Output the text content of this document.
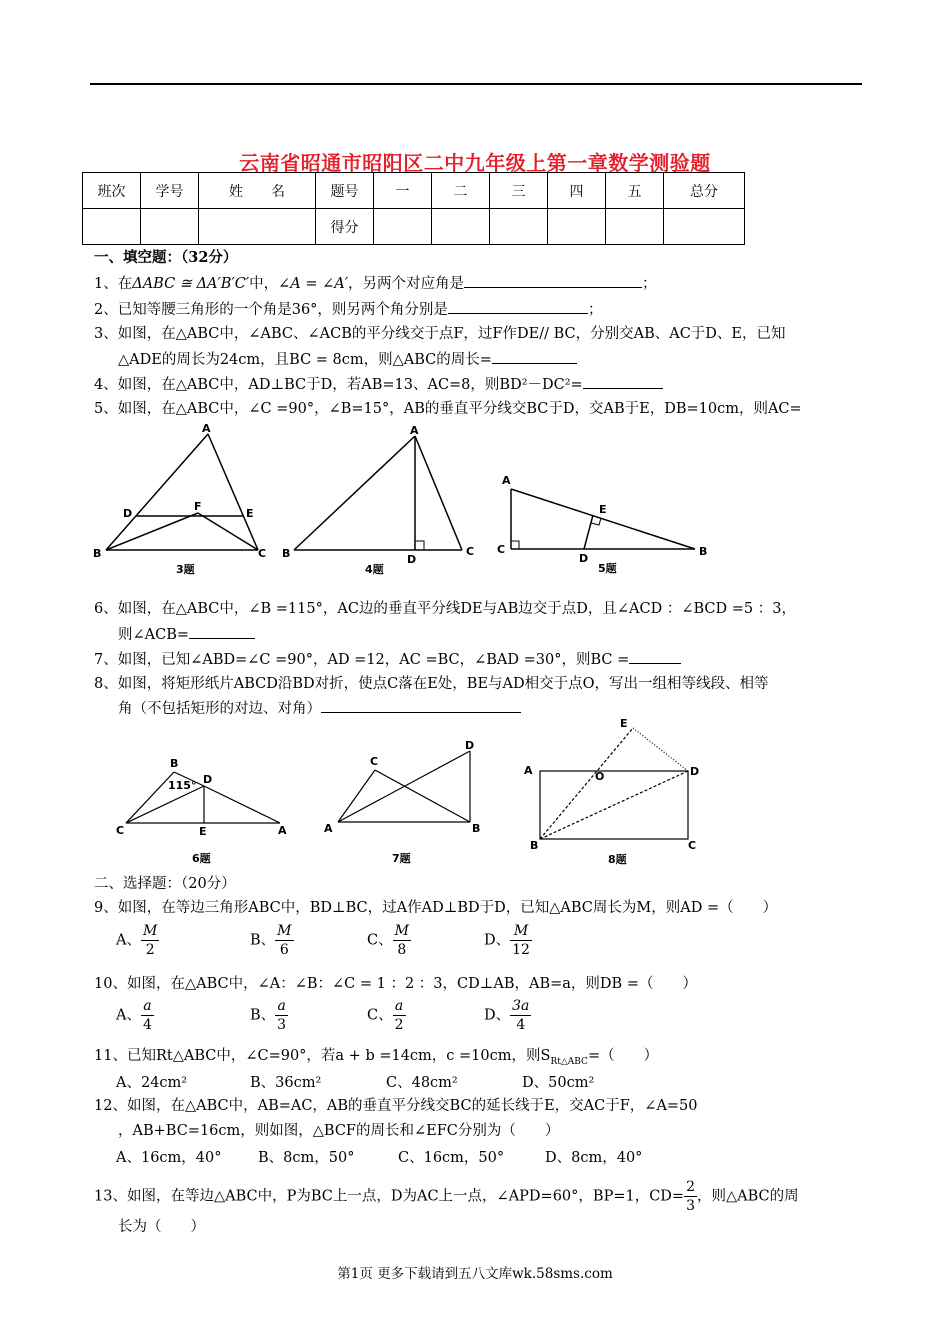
云南省昭通市昭阳区二中九年级上第一章数学测验题
班次	学号	姓　　名	题号	一	二	三	四	五	总分
			得分						
一、填空题：（32分）
1、在ΔABC ≅ ΔA′B′C′中，∠A = ∠A′，另两个对应角是	；
2、已知等腰三角形的一个角是36°，则另两个角分别是	；
3、如图，在△ABC中，∠ABC、∠ACB的平分线交于点F，过F作DE// BC，分别交AB、AC于D、E，已知
△ADE的周长为24cm，且BC = 8cm，则△ABC的周长=
4、如图，在△ABC中，AD⊥BC于D，若AB=13、AC=8，则BD²－DC²=
5、如图，在△ABC中，∠C =90°，∠B=15°，AB的垂直平分线交BC于D，交AB于E，DB=10cm，则AC=
A
B	C
D	E
F
3题
A
B	C
D
4题
A
C	B
D
E
5题
6、如图，在△ABC中，∠B =115°，AC边的垂直平分线DE与AB边交于点D，且∠ACD ：∠BCD =5 ：3，
则∠ACB=
7、如图，已知∠ABD=∠C =90°，AD =12，AC =BC，∠BAD =30°，则BC =
8、如图，将矩形纸片ABCD沿BD对折，使点C落在E处，BE与AD相交于点O，写出一组相等线段、相等
角（不包括矩形的对边、对角）
B
D
C	E	A
115°
6题
C
D
A	B
7题
E
A	D
O
B	C
8题
二、选择题：（20分）
9、如图，在等边三角形ABC中，BD⊥BC，过A作AD⊥BD于D，已知△ABC周长为M，则AD =（　　）
A、 $\frac{M}{2}$	B、 $\frac{M}{6}$	C、 $\frac{M}{8}$	D、 $\frac{M}{12}$
10、如图，在△ABC中，∠A：∠B：∠C = 1 ：2 ：3，CD⊥AB，AB=a，则DB =（　　）
A、 $\frac{a}{4}$	B、 $\frac{a}{3}$	C、 $\frac{a}{2}$	D、 $\frac{3a}{4}$
11、已知Rt△ABC中，∠C=90°，若a + b =14cm，c =10cm，则$S_{Rt\triangle ABC}=$（　　）
A、24cm²	B、36cm²	C、48cm²	D、50cm²
12、如图，在△ABC中，AB=AC，AB的垂直平分线交BC的延长线于E，交AC于F，∠A=50
，AB+BC=16cm，则如图，△BCF的周长和∠EFC分别为（　　）
A、16cm，40°	B、8cm，50°	C、16cm，50°	D、8cm，40°
13、如图，在等边△ABC中，P为BC上一点，D为AC上一点，∠APD=60°，BP=1，$CD= \frac{2}{3}$ ，则△ABC的周
长为（　　）
第1页 更多下载请到五八文库wk.58sms.com
